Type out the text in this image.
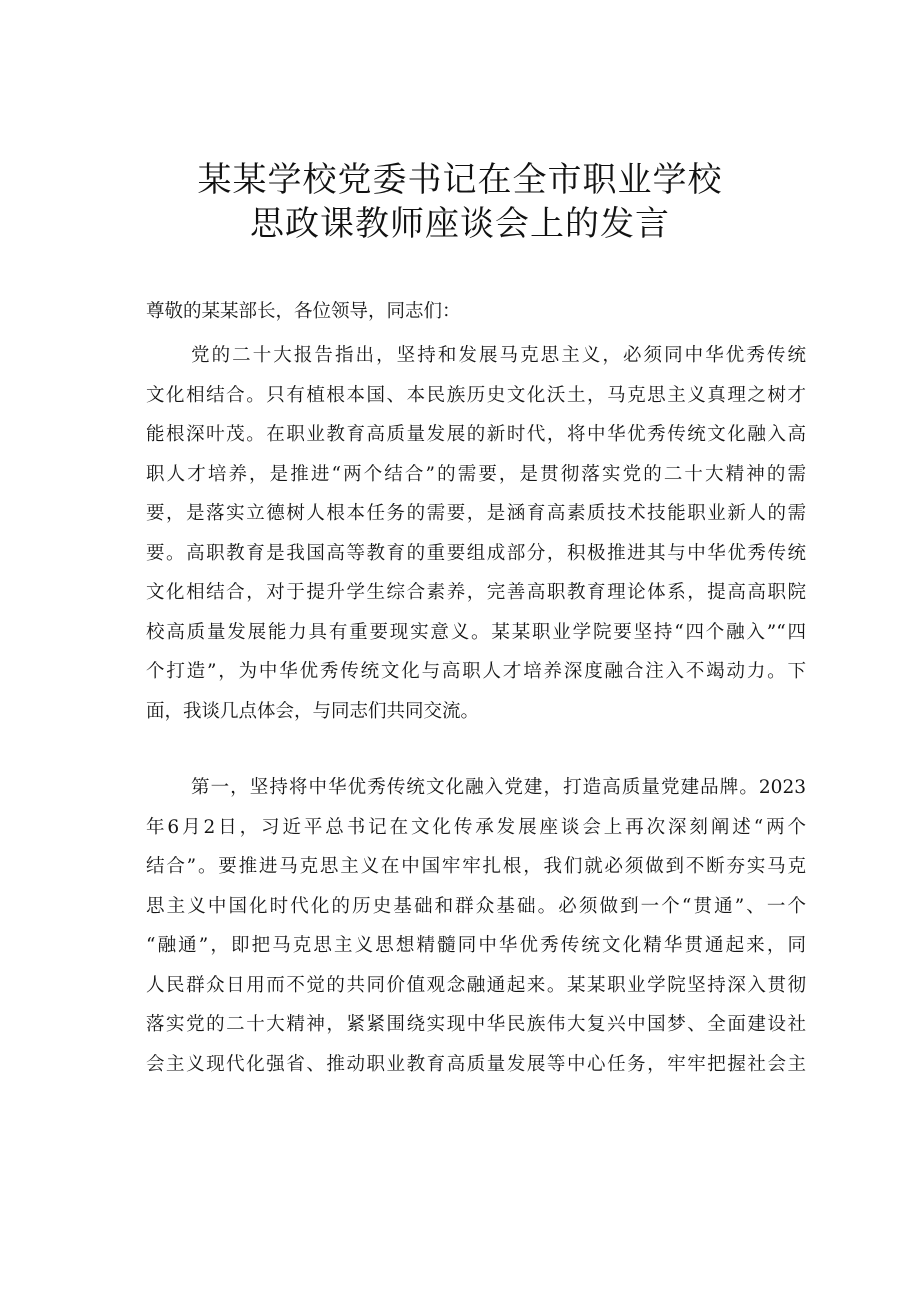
某某学校党委书记在全市职业学校
思政课教师座谈会上的发言
尊敬的某某部长，各位领导，同志们：
党的二十大报告指出，坚持和发展马克思主义，必须同中华优秀传统
文化相结合。只有植根本国、本民族历史文化沃土，马克思主义真理之树才
能根深叶茂。在职业教育高质量发展的新时代，将中华优秀传统文化融入高
职人才培养，是推进“两个结合”的需要，是贯彻落实党的二十大精神的需
要，是落实立德树人根本任务的需要，是涵育高素质技术技能职业新人的需
要。高职教育是我国高等教育的重要组成部分，积极推进其与中华优秀传统
文化相结合，对于提升学生综合素养，完善高职教育理论体系，提高高职院
校高质量发展能力具有重要现实意义。某某职业学院要坚持“四个融入”“四
个打造”，为中华优秀传统文化与高职人才培养深度融合注入不竭动力。下
面，我谈几点体会，与同志们共同交流。
第一，坚持将中华优秀传统文化融入党建，打造高质量党建品牌。2023
年6月2日，习近平总书记在文化传承发展座谈会上再次深刻阐述“两个
结合”。要推进马克思主义在中国牢牢扎根，我们就必须做到不断夯实马克
思主义中国化时代化的历史基础和群众基础。必须做到一个“贯通”、一个
“融通”，即把马克思主义思想精髓同中华优秀传统文化精华贯通起来，同
人民群众日用而不觉的共同价值观念融通起来。某某职业学院坚持深入贯彻
落实党的二十大精神，紧紧围绕实现中华民族伟大复兴中国梦、全面建设社
会主义现代化强省、推动职业教育高质量发展等中心任务，牢牢把握社会主
